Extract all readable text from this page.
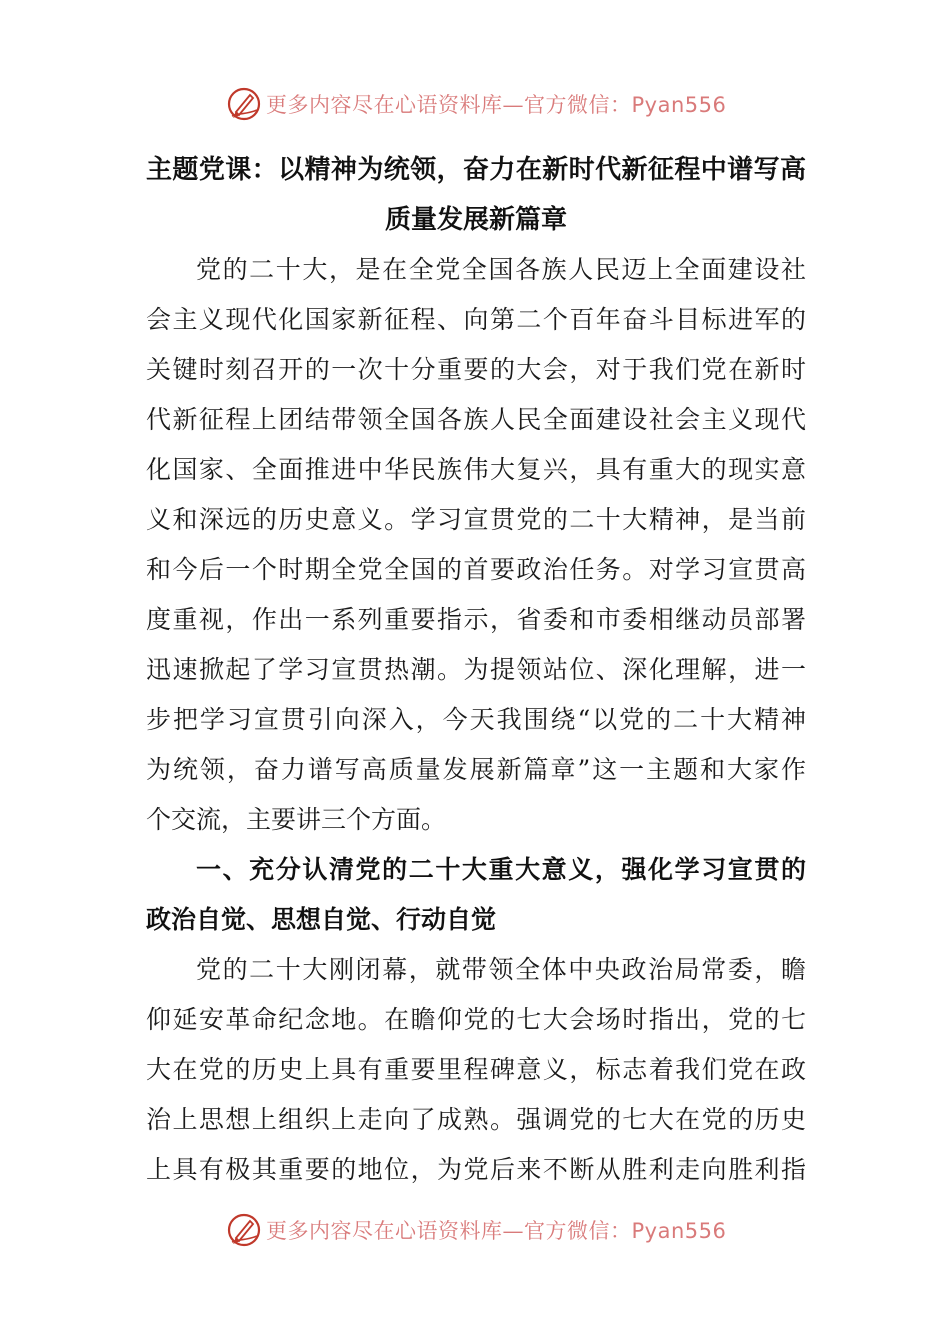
更多内容尽在心语资料库—官方微信：Pyan556
主题党课：以精神为统领，奋力在新时代新征程中谱写高
质量发展新篇章
党的二十大，是在全党全国各族人民迈上全面建设社
会主义现代化国家新征程、向第二个百年奋斗目标进军的
关键时刻召开的一次十分重要的大会，对于我们党在新时
代新征程上团结带领全国各族人民全面建设社会主义现代
化国家、全面推进中华民族伟大复兴，具有重大的现实意
义和深远的历史意义。学习宣贯党的二十大精神，是当前
和今后一个时期全党全国的首要政治任务。对学习宣贯高
度重视，作出一系列重要指示，省委和市委相继动员部署
迅速掀起了学习宣贯热潮。为提领站位、深化理解，进一
步把学习宣贯引向深入，今天我围绕“以党的二十大精神
为统领，奋力谱写高质量发展新篇章”这一主题和大家作
个交流，主要讲三个方面。
一、充分认清党的二十大重大意义，强化学习宣贯的
政治自觉、思想自觉、行动自觉
党的二十大刚闭幕，就带领全体中央政治局常委，瞻
仰延安革命纪念地。在瞻仰党的七大会场时指出，党的七
大在党的历史上具有重要里程碑意义，标志着我们党在政
治上思想上组织上走向了成熟。强调党的七大在党的历史
上具有极其重要的地位，为党后来不断从胜利走向胜利指
更多内容尽在心语资料库—官方微信：Pyan556
